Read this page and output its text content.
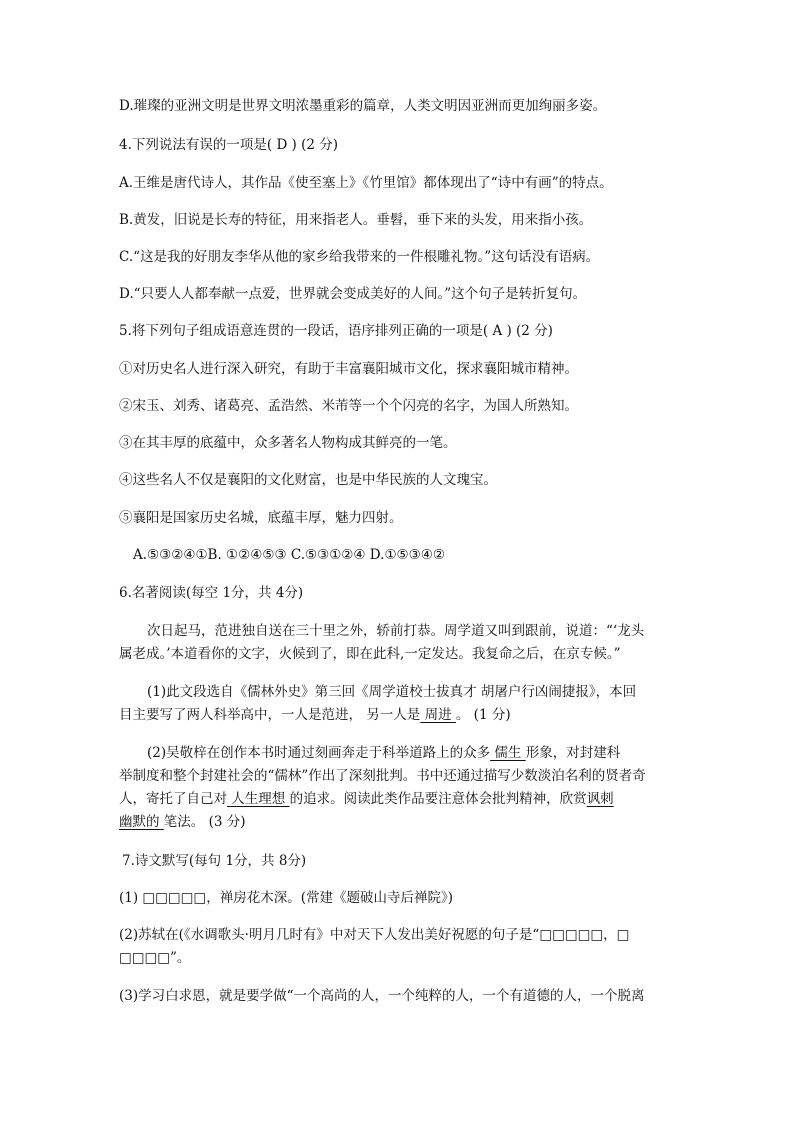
D.璀璨的亚洲文明是世界文明浓墨重彩的篇章，人类文明因亚洲而更加绚丽多姿。
4.下列说法有误的一项是( D ) (2 分)
A.王维是唐代诗人，其作品《使至塞上》《竹里馆》都体现出了“诗中有画”的特点。
B.黄发，旧说是长寿的特征，用来指老人。垂髫，垂下来的头发，用来指小孩。
C.“这是我的好朋友李华从他的家乡给我带来的一件根雕礼物。”这句话没有语病。
D.“只要人人都奉献一点爱，世界就会变成美好的人间。”这个句子是转折复句。
5.将下列句子组成语意连贯的一段话，语序排列正确的一项是( A ) (2 分)
①对历史名人进行深入研究，有助于丰富襄阳城市文化，探求襄阳城市精神。
②宋玉、刘秀、诸葛亮、孟浩然、米芾等一个个闪亮的名字，为国人所熟知。
③在其丰厚的底蕴中，众多著名人物构成其鲜亮的一笔。
④这些名人不仅是襄阳的文化财富，也是中华民族的人文瑰宝。
⑤襄阳是国家历史名城，底蕴丰厚，魅力四射。
A.⑤③②④①B. ①②④⑤③ C.⑤③①②④ D.①⑤③④②
6.名著阅读(每空 1分，共 4分)
次日起马，范进独自送在三十里之外，轿前打恭。周学道又叫到跟前，说道：“‘龙头
属老成。’本道看你的文字，火候到了，即在此科,一定发达。我复命之后，在京专候。”
(1)此文段选自《儒林外史》第三回《周学道校士拔真才 胡屠户行凶闹捷报》，本回
目主要写了两人科举高中，一人是范进， 另一人是 周进 。 (1 分)
(2)吴敬梓在创作本书时通过刻画奔走于科举道路上的众多 儒生 形象，对封建科
举制度和整个封建社会的“儒林”作出了深刻批判。书中还通过描写少数淡泊名利的贤者奇
人，寄托了自己对 人生理想 的追求。阅读此类作品要注意体会批判精神，欣赏讽刺
幽默的 笔法。 (3 分)
7.诗文默写(每句 1分，共 8分)
(1) □□□□□，禅房花木深。(常建《题破山寺后禅院》)
(2)苏轼在(《水调歌头·明月几时有》中对天下人发出美好祝愿的句子是“□□□□□，□
□□□□”。
(3)学习白求恩，就是要学做“一个高尚的人，一个纯粹的人，一个有道德的人，一个脱离
